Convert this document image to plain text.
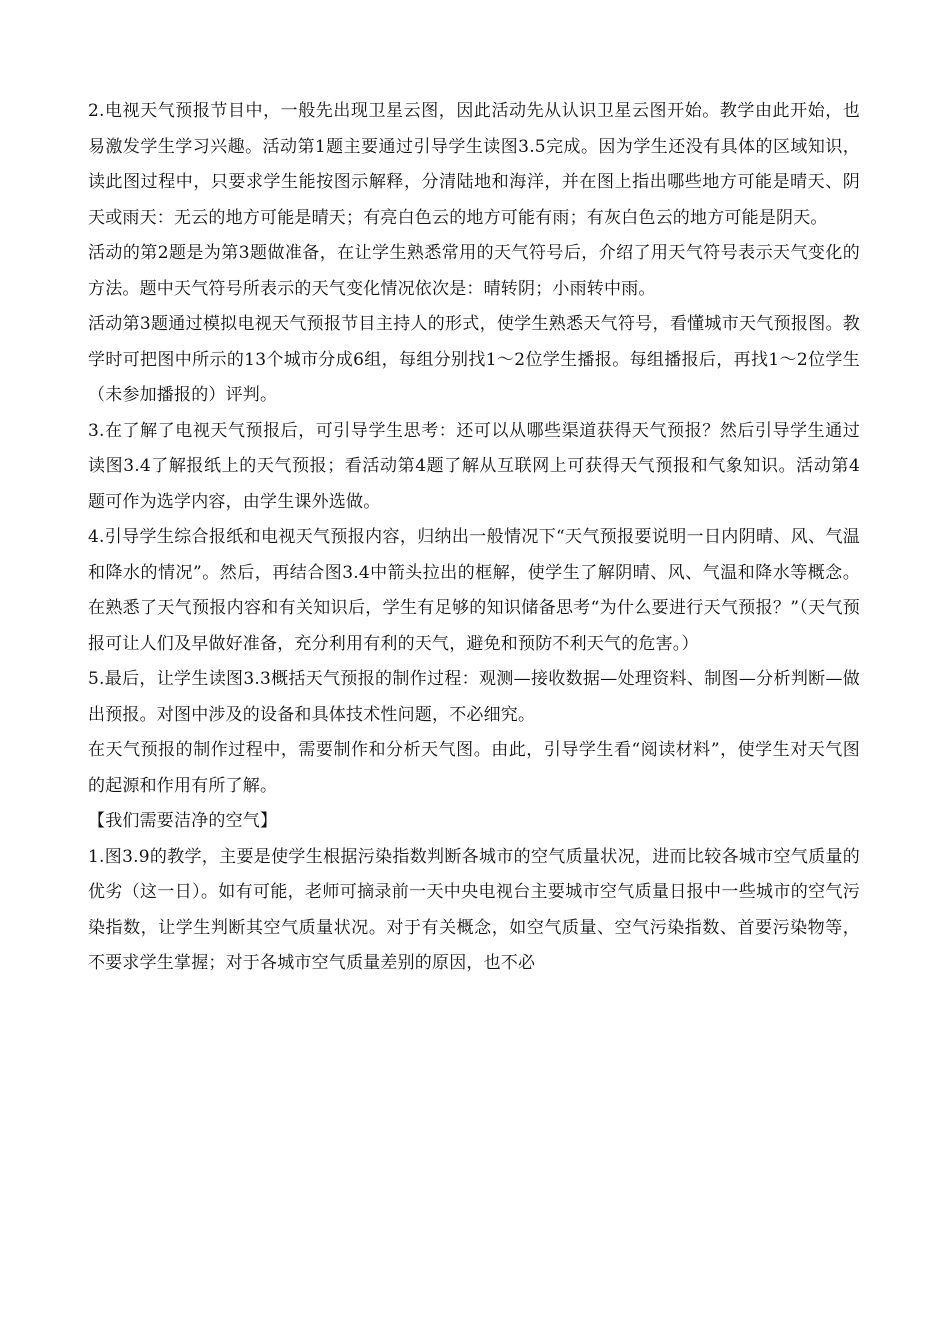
2.电视天气预报节目中，一般先出现卫星云图，因此活动先从认识卫星云图开始。教学由此开始，也易激发学生学习兴趣。活动第1题主要通过引导学生读图3.5完成。因为学生还没有具体的区域知识，读此图过程中，只要求学生能按图示解释，分清陆地和海洋，并在图上指出哪些地方可能是晴天、阴天或雨天：无云的地方可能是晴天；有亮白色云的地方可能有雨；有灰白色云的地方可能是阴天。

活动的第2题是为第3题做准备，在让学生熟悉常用的天气符号后，介绍了用天气符号表示天气变化的方法。题中天气符号所表示的天气变化情况依次是：晴转阴；小雨转中雨。

活动第3题通过模拟电视天气预报节目主持人的形式，使学生熟悉天气符号，看懂城市天气预报图。教学时可把图中所示的13个城市分成6组，每组分别找1～2位学生播报。每组播报后，再找1～2位学生（未参加播报的）评判。

3.在了解了电视天气预报后，可引导学生思考：还可以从哪些渠道获得天气预报？然后引导学生通过读图3.4了解报纸上的天气预报；看活动第4题了解从互联网上可获得天气预报和气象知识。活动第4题可作为选学内容，由学生课外选做。

4.引导学生综合报纸和电视天气预报内容，归纳出一般情况下“天气预报要说明一日内阴晴、风、气温和降水的情况”。然后，再结合图3.4中箭头拉出的框解，使学生了解阴晴、风、气温和降水等概念。在熟悉了天气预报内容和有关知识后，学生有足够的知识储备思考“为什么要进行天气预报？”（天气预报可让人们及早做好准备，充分利用有利的天气，避免和预防不利天气的危害。）

5.最后，让学生读图3.3概括天气预报的制作过程：观测—接收数据—处理资料、制图—分析判断—做出预报。对图中涉及的设备和具体技术性问题，不必细究。

在天气预报的制作过程中，需要制作和分析天气图。由此，引导学生看“阅读材料”，使学生对天气图的起源和作用有所了解。

【我们需要洁净的空气】

1.图3.9的教学，主要是使学生根据污染指数判断各城市的空气质量状况，进而比较各城市空气质量的优劣（这一日）。如有可能，老师可摘录前一天中央电视台主要城市空气质量日报中一些城市的空气污染指数，让学生判断其空气质量状况。对于有关概念，如空气质量、空气污染指数、首要污染物等，不要求学生掌握；对于各城市空气质量差别的原因，也不必
